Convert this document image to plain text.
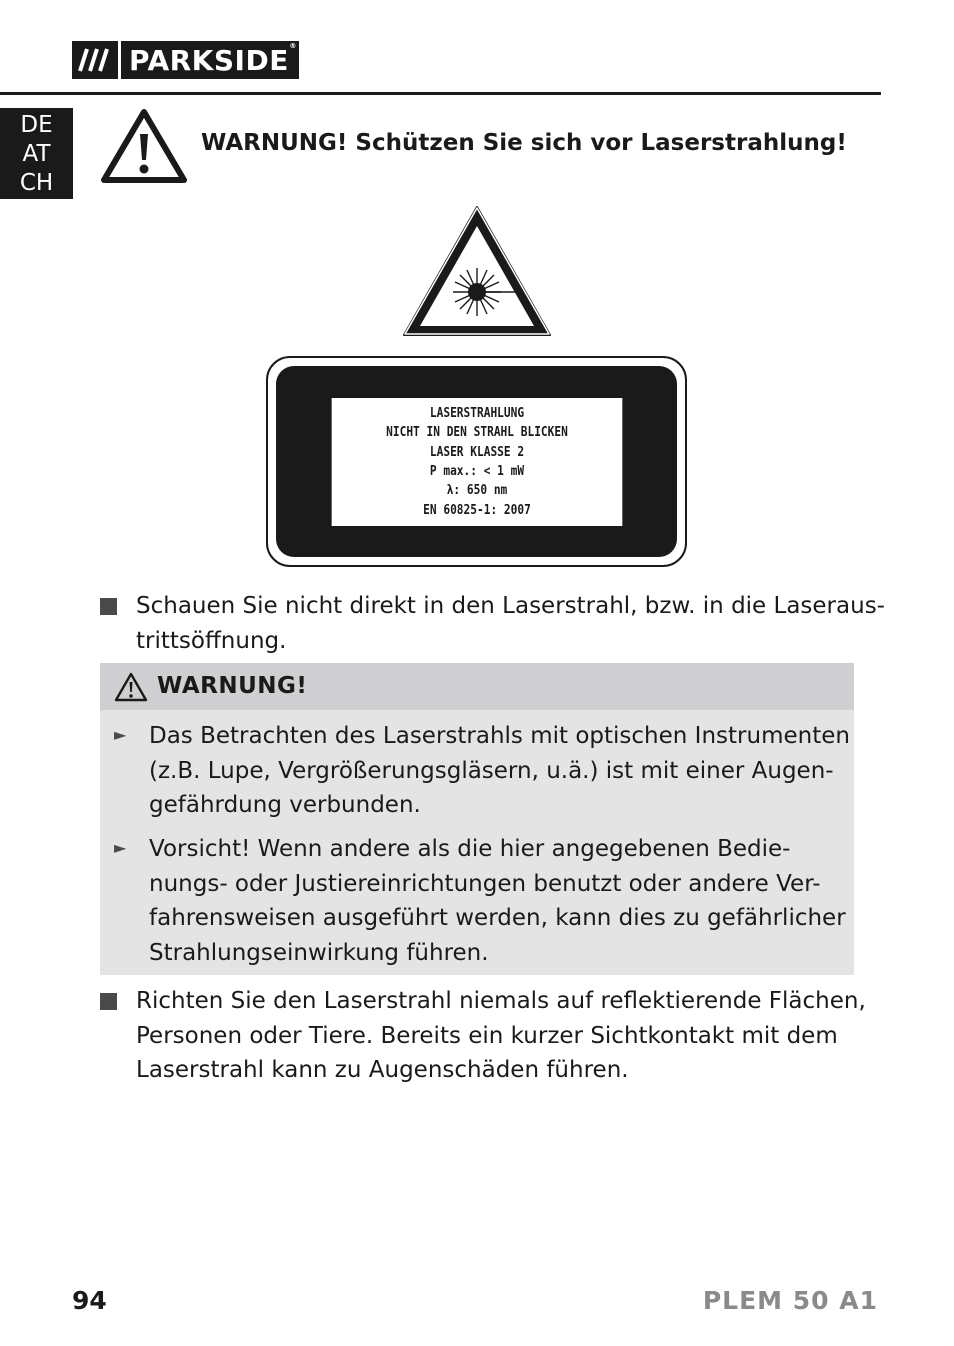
PARKSIDE ®
DE
AT
CH
WARNUNG! Schützen Sie sich vor Laserstrahlung!
LASERSTRAHLUNG
NICHT IN DEN STRAHL BLICKEN
LASER KLASSE 2
P max.: < 1 mW
λ: 650 nm
EN 60825-1: 2007
Schauen Sie nicht direkt in den Laserstrahl, bzw. in die Laseraus-
trittsöffnung.
WARNUNG!
► Das Betrachten des Laserstrahls mit optischen Instrumenten
(z.B. Lupe, Vergrößerungsgläsern, u.ä.) ist mit einer Augen-
gefährdung verbunden.
► Vorsicht! Wenn andere als die hier angegebenen Bedie-
nungs- oder Justiereinrichtungen benutzt oder andere Ver-
fahrensweisen ausgeführt werden, kann dies zu gefährlicher
Strahlungseinwirkung führen.
Richten Sie den Laserstrahl niemals auf reflektierende Flächen,
Personen oder Tiere. Bereits ein kurzer Sichtkontakt mit dem
Laserstrahl kann zu Augenschäden führen.
94	PLEM 50 A1
